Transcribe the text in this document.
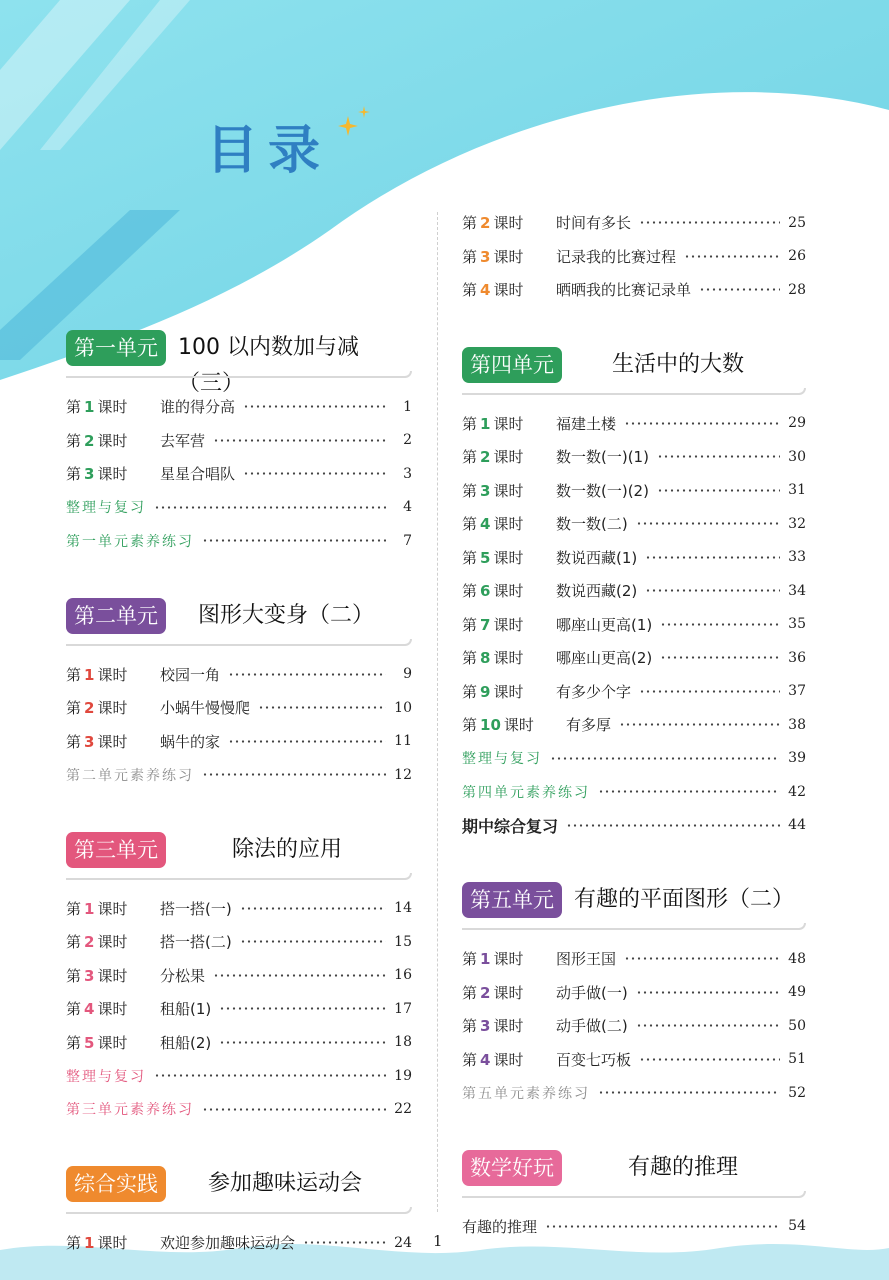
目录
第一单元 100 以内数加与减（三）
第 1 课时	谁的得分高	1
第 2 课时	去军营	2
第 3 课时	星星合唱队	3
整理与复习	4
第一单元素养练习	7
第二单元	图形大变身（二）
第 1 课时	校园一角	9
第 2 课时	小蜗牛慢慢爬	10
第 3 课时	蜗牛的家	11
第二单元素养练习	12
第三单元	除法的应用
第 1 课时	搭一搭(一)	14
第 2 课时	搭一搭(二)	15
第 3 课时	分松果	16
第 4 课时	租船(1)	17
第 5 课时	租船(2)	18
整理与复习	19
第三单元素养练习	22
综合实践	参加趣味运动会
第 1 课时	欢迎参加趣味运动会	24
第 2 课时	时间有多长	25
第 3 课时	记录我的比赛过程	26
第 4 课时	晒晒我的比赛记录单	28
第四单元	生活中的大数
第 1 课时	福建土楼	29
第 2 课时	数一数(一)(1)	30
第 3 课时	数一数(一)(2)	31
第 4 课时	数一数(二)	32
第 5 课时	数说西藏(1)	33
第 6 课时	数说西藏(2)	34
第 7 课时	哪座山更高(1)	35
第 8 课时	哪座山更高(2)	36
第 9 课时	有多少个字	37
第 10 课时	有多厚	38
整理与复习	39
第四单元素养练习	42
期中综合复习	44
第五单元 有趣的平面图形（二）
第 1 课时	图形王国	48
第 2 课时	动手做(一)	49
第 3 课时	动手做(二)	50
第 4 课时	百变七巧板	51
第五单元素养练习	52
数学好玩	有趣的推理
有趣的推理	54
1
